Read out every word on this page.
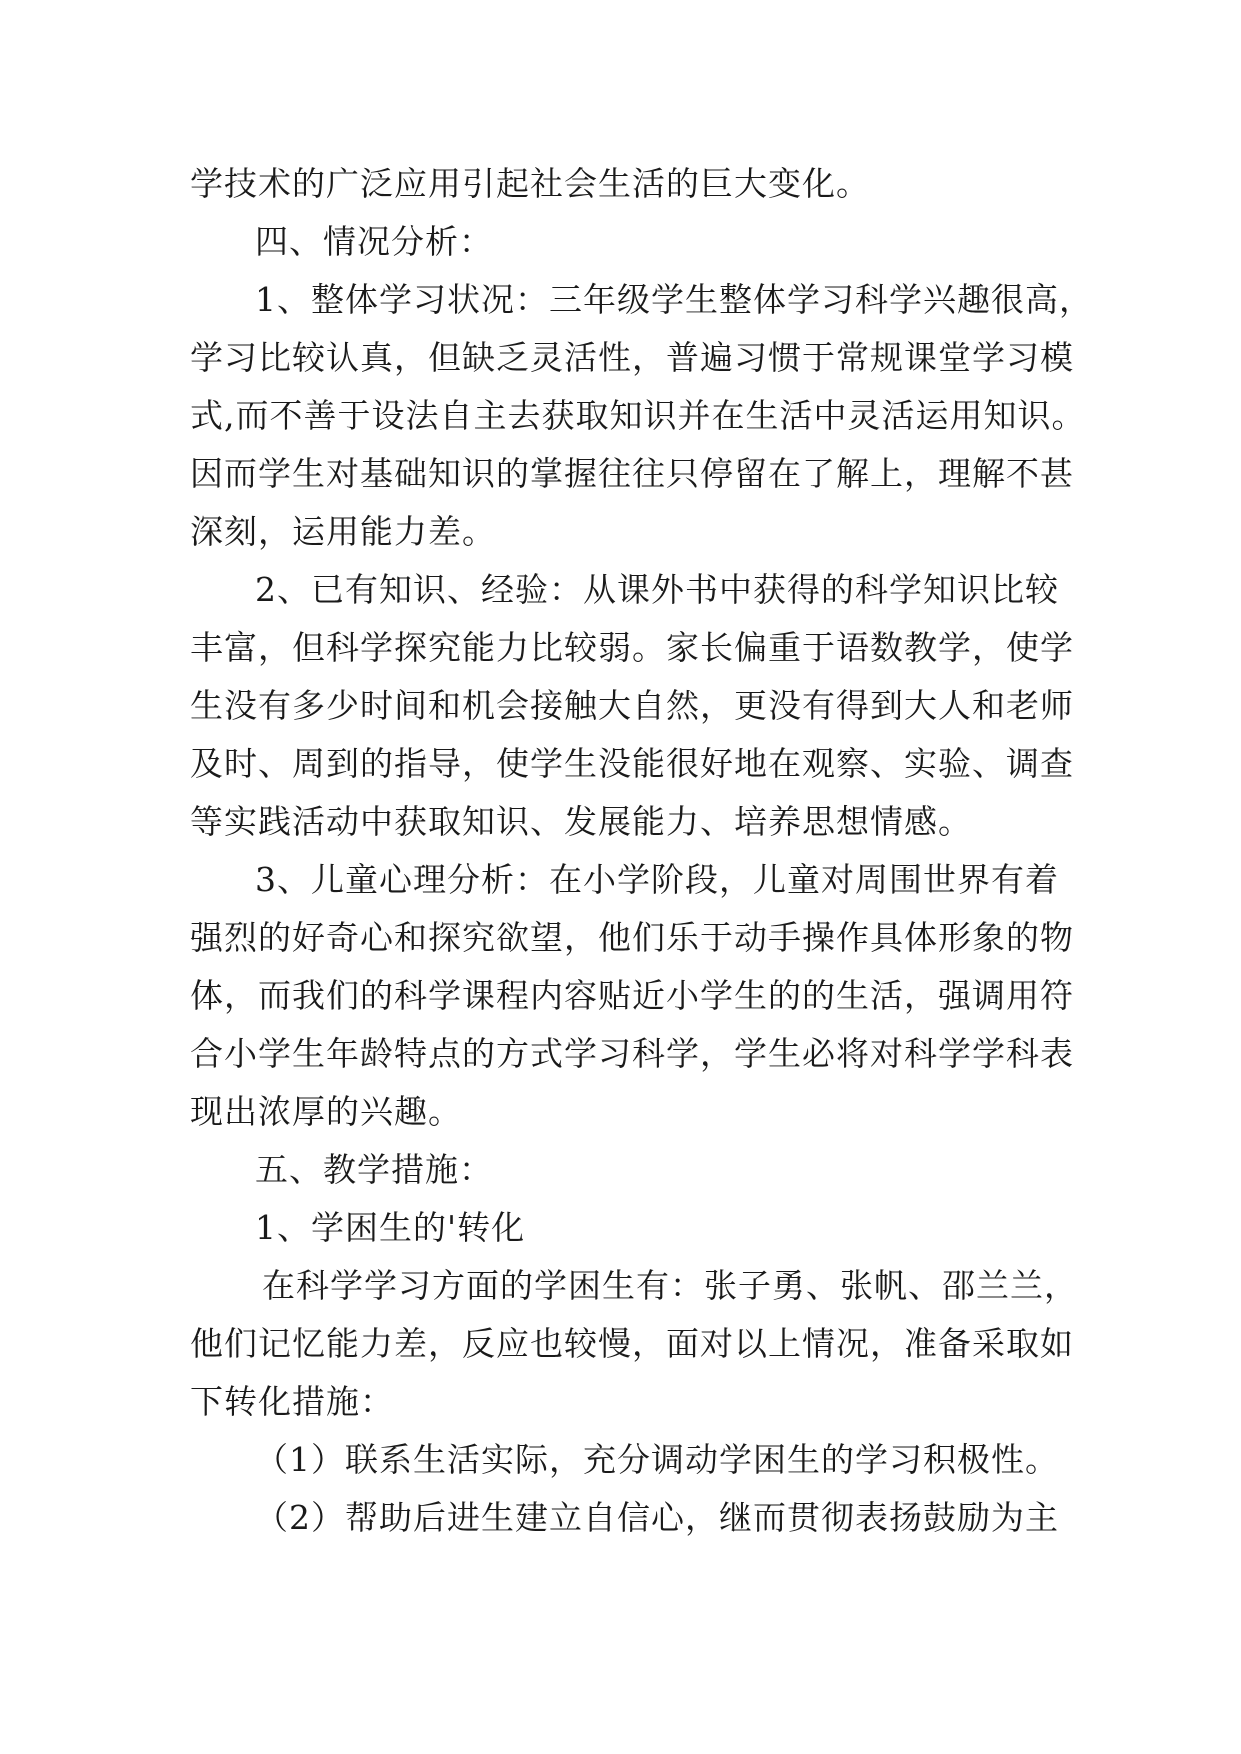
学技术的广泛应用引起社会生活的巨大变化。
四、情况分析：
1、整体学习状况：三年级学生整体学习科学兴趣很高，
学习比较认真，但缺乏灵活性，普遍习惯于常规课堂学习模
式,而不善于设法自主去获取知识并在生活中灵活运用知识。
因而学生对基础知识的掌握往往只停留在了解上，理解不甚
深刻，运用能力差。
2、已有知识、经验：从课外书中获得的科学知识比较
丰富，但科学探究能力比较弱。家长偏重于语数教学，使学
生没有多少时间和机会接触大自然，更没有得到大人和老师
及时、周到的指导，使学生没能很好地在观察、实验、调查
等实践活动中获取知识、发展能力、培养思想情感。
3、儿童心理分析：在小学阶段，儿童对周围世界有着
强烈的好奇心和探究欲望，他们乐于动手操作具体形象的物
体，而我们的科学课程内容贴近小学生的的生活，强调用符
合小学生年龄特点的方式学习科学，学生必将对科学学科表
现出浓厚的兴趣。
五、教学措施：
1、学困生的'转化
在科学学习方面的学困生有：张子勇、张帆、邵兰兰，
他们记忆能力差，反应也较慢，面对以上情况，准备采取如
下转化措施：
（1）联系生活实际，充分调动学困生的学习积极性。
（2）帮助后进生建立自信心，继而贯彻表扬鼓励为主
